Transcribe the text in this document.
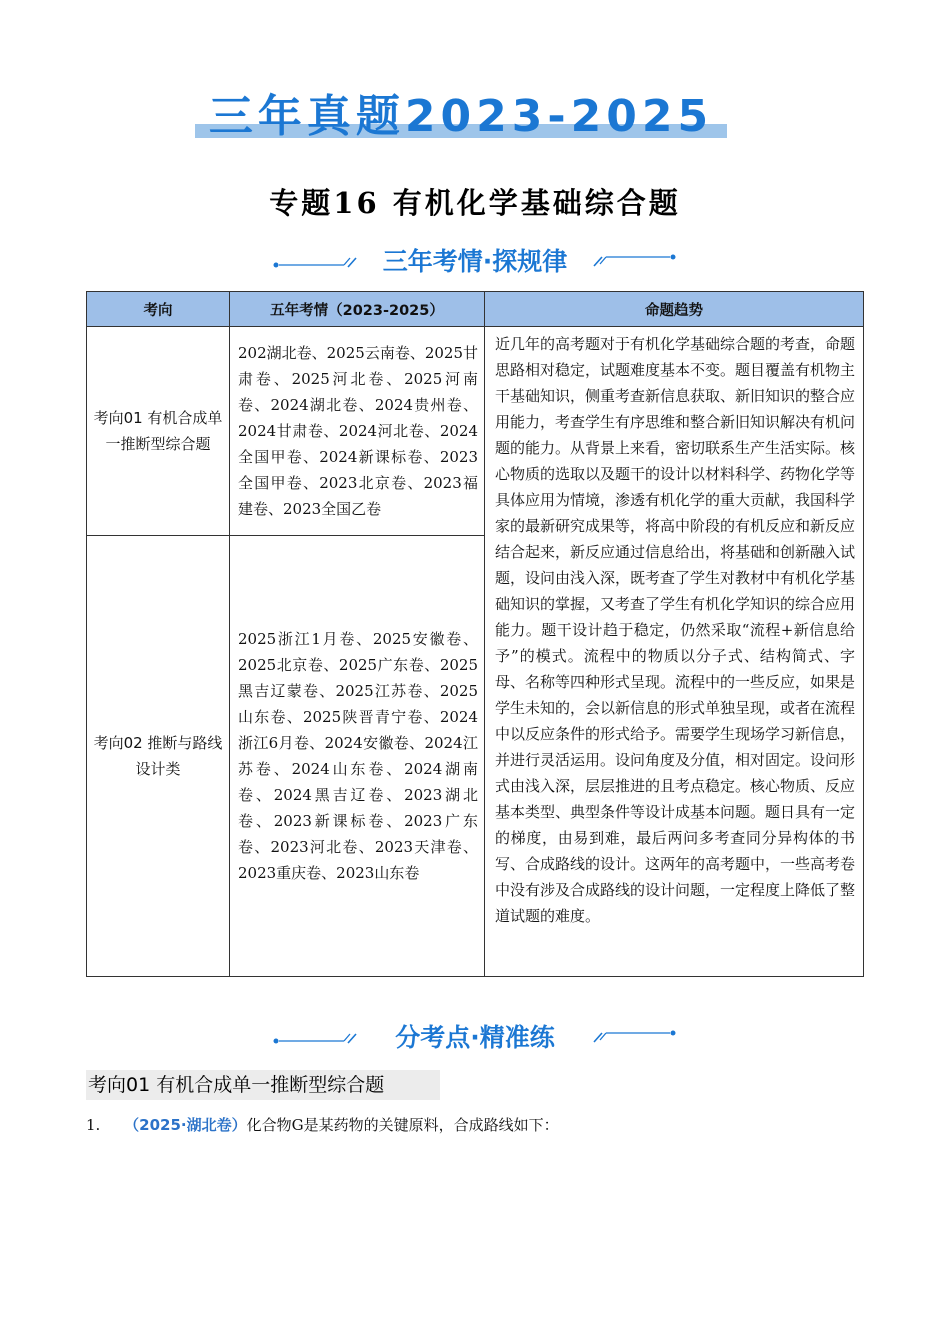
三年真题2023-2025
专题16 有机化学基础综合题
三年考情·探规律
考向	五年考情（2023-2025）	命题趋势
考向01 有机合成单一推断型综合题	202湖北卷、2025云南卷、2025甘肃卷、2025河北卷、2025河南卷、2024湖北卷、2024贵州卷、2024甘肃卷、2024河北卷、2024全国甲卷、2024新课标卷、2023全国甲卷、2023北京卷、2023福建卷、2023全国乙卷	近几年的高考题对于有机化学基础综合题的考查，命题思路相对稳定，试题难度基本不变。题目覆盖有机物主干基础知识，侧重考查新信息获取、新旧知识的整合应用能力，考查学生有序思维和整合新旧知识解决有机问题的能力。从背景上来看，密切联系生产生活实际。核心物质的选取以及题干的设计以材料科学、药物化学等具体应用为情境，渗透有机化学的重大贡献，我国科学家的最新研究成果等，将高中阶段的有机反应和新反应结合起来，新反应通过信息给出，将基础和创新融入试题，设问由浅入深，既考查了学生对教材中有机化学基础知识的掌握，又考查了学生有机化学知识的综合应用能力。题干设计趋于稳定，仍然采取“流程+新信息给予”的模式。流程中的物质以分子式、结构简式、字母、名称等四种形式呈现。流程中的一些反应，如果是学生未知的，会以新信息的形式单独呈现，或者在流程中以反应条件的形式给予。需要学生现场学习新信息，并进行灵活运用。设问角度及分值，相对固定。设问形式由浅入深，层层推进的且考点稳定。核心物质、反应基本类型、典型条件等设计成基本问题。题日具有一定的梯度，由易到难，最后两问多考查同分异构体的书写、合成路线的设计。这两年的高考题中，一些高考卷中没有涉及合成路线的设计问题，一定程度上降低了整道试题的难度。
考向02 推断与路线设计类	2025浙江1月卷、2025安徽卷、2025北京卷、2025广东卷、2025黑吉辽蒙卷、2025江苏卷、2025山东卷、2025陕晋青宁卷、2024浙江6月卷、2024安徽卷、2024江苏卷、2024山东卷、2024湖南卷、2024黑吉辽卷、2023湖北卷、2023新课标卷、2023广东卷、2023河北卷、2023天津卷、2023重庆卷、2023山东卷	
分考点·精准练
考向01 有机合成单一推断型综合题
1. （2025·湖北卷）化合物G是某药物的关键原料，合成路线如下：
